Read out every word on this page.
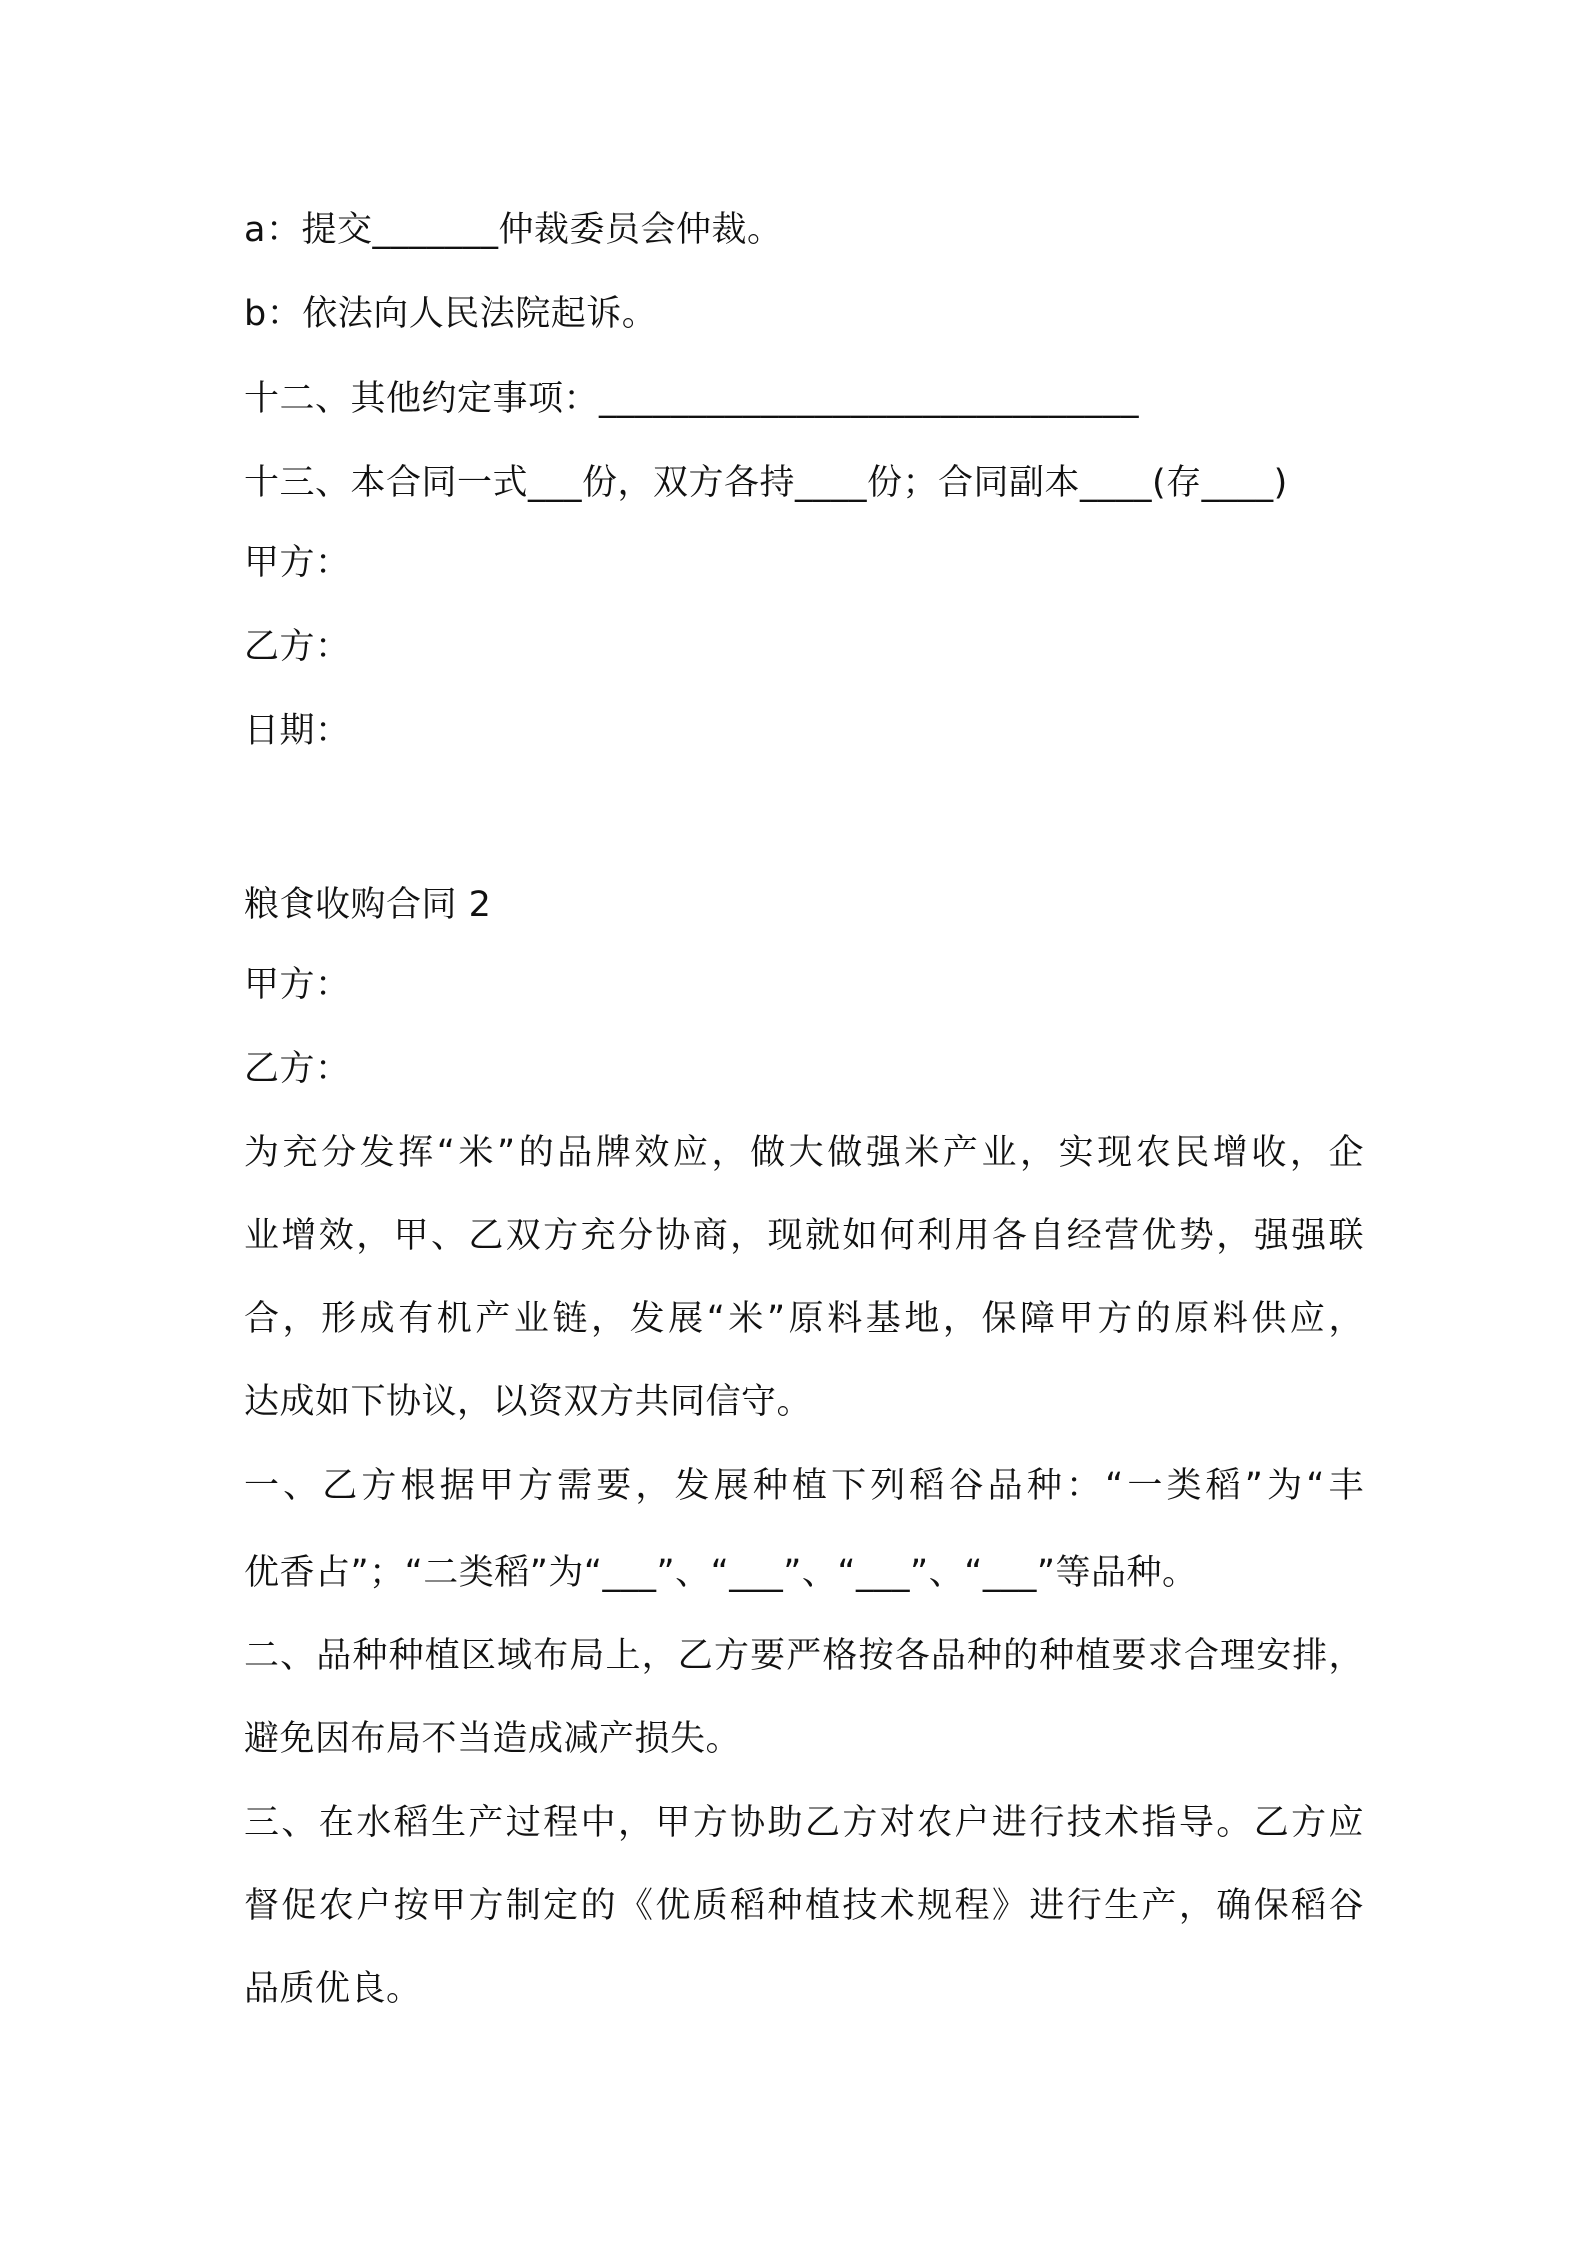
a：提交_______仲裁委员会仲裁。
b：依法向人民法院起诉。
十二、其他约定事项：______________________________
十三、本合同一式___份，双方各持____份；合同副本____(存____)
甲方：
乙方：
日期：
粮食收购合同 2
甲方：
乙方：
为充分发挥“米”的品牌效应，做大做强米产业，实现农民增收，企
业增效，甲、乙双方充分协商，现就如何利用各自经营优势，强强联
合，形成有机产业链，发展“米”原料基地，保障甲方的原料供应，
达成如下协议，以资双方共同信守。
一、乙方根据甲方需要，发展种植下列稻谷品种：“一类稻”为“丰
优香占”；“二类稻”为“___”、“___”、“___”、“___”等品种。
二、品种种植区域布局上，乙方要严格按各品种的种植要求合理安排，
避免因布局不当造成减产损失。
三、在水稻生产过程中，甲方协助乙方对农户进行技术指导。乙方应
督促农户按甲方制定的《优质稻种植技术规程》进行生产，确保稻谷
品质优良。
